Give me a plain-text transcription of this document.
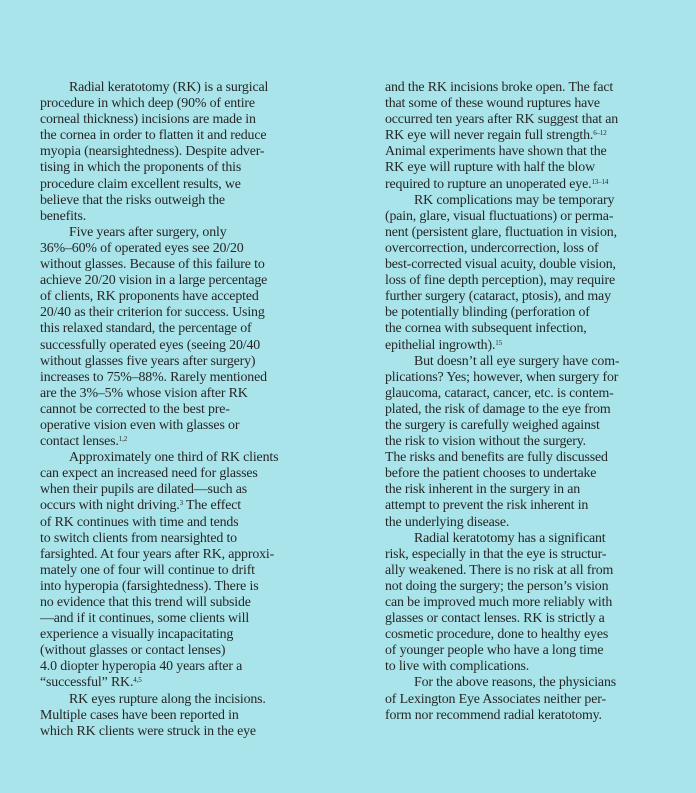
Radial keratotomy (RK) is a surgical
procedure in which deep (90% of entire
corneal thickness) incisions are made in
the cornea in order to flatten it and reduce
myopia (nearsightedness). Despite adver-
tising in which the proponents of this
procedure claim excellent results, we
believe that the risks outweigh the
benefits.
Five years after surgery, only
36%–60% of operated eyes see 20/20
without glasses. Because of this failure to
achieve 20/20 vision in a large percentage
of clients, RK proponents have accepted
20/40 as their criterion for success. Using
this relaxed standard, the percentage of
successfully operated eyes (seeing 20/40
without glasses five years after surgery)
increases to 75%–88%. Rarely mentioned
are the 3%–5% whose vision after RK
cannot be corrected to the best pre-
operative vision even with glasses or
contact lenses.$^{1,2}$
Approximately one third of RK clients
can expect an increased need for glasses
when their pupils are dilated—such as
occurs with night driving.$^3$ The effect
of RK continues with time and tends
to switch clients from nearsighted to
farsighted. At four years after RK, approxi-
mately one of four will continue to drift
into hyperopia (farsightedness). There is
no evidence that this trend will subside
—and if it continues, some clients will
experience a visually incapacitating
(without glasses or contact lenses)
4.0 diopter hyperopia 40 years after a
“successful” RK.$^{4,5}$
RK eyes rupture along the incisions.
Multiple cases have been reported in
which RK clients were struck in the eye
and the RK incisions broke open. The fact
that some of these wound ruptures have
occurred ten years after RK suggest that an
RK eye will never regain full strength.$^{6-12}$
Animal experiments have shown that the
RK eye will rupture with half the blow
required to rupture an unoperated eye.$^{13-14}$
RK complications may be temporary
(pain, glare, visual fluctuations) or perma-
nent (persistent glare, fluctuation in vision,
overcorrection, undercorrection, loss of
best-corrected visual acuity, double vision,
loss of fine depth perception), may require
further surgery (cataract, ptosis), and may
be potentially blinding (perforation of
the cornea with subsequent infection,
epithelial ingrowth).$^{15}$
But doesn’t all eye surgery have com-
plications? Yes; however, when surgery for
glaucoma, cataract, cancer, etc. is contem-
plated, the risk of damage to the eye from
the surgery is carefully weighed against
the risk to vision without the surgery.
The risks and benefits are fully discussed
before the patient chooses to undertake
the risk inherent in the surgery in an
attempt to prevent the risk inherent in
the underlying disease.
Radial keratotomy has a significant
risk, especially in that the eye is structur-
ally weakened. There is no risk at all from
not doing the surgery; the person’s vision
can be improved much more reliably with
glasses or contact lenses. RK is strictly a
cosmetic procedure, done to healthy eyes
of younger people who have a long time
to live with complications.
For the above reasons, the physicians
of Lexington Eye Associates neither per-
form nor recommend radial keratotomy.
